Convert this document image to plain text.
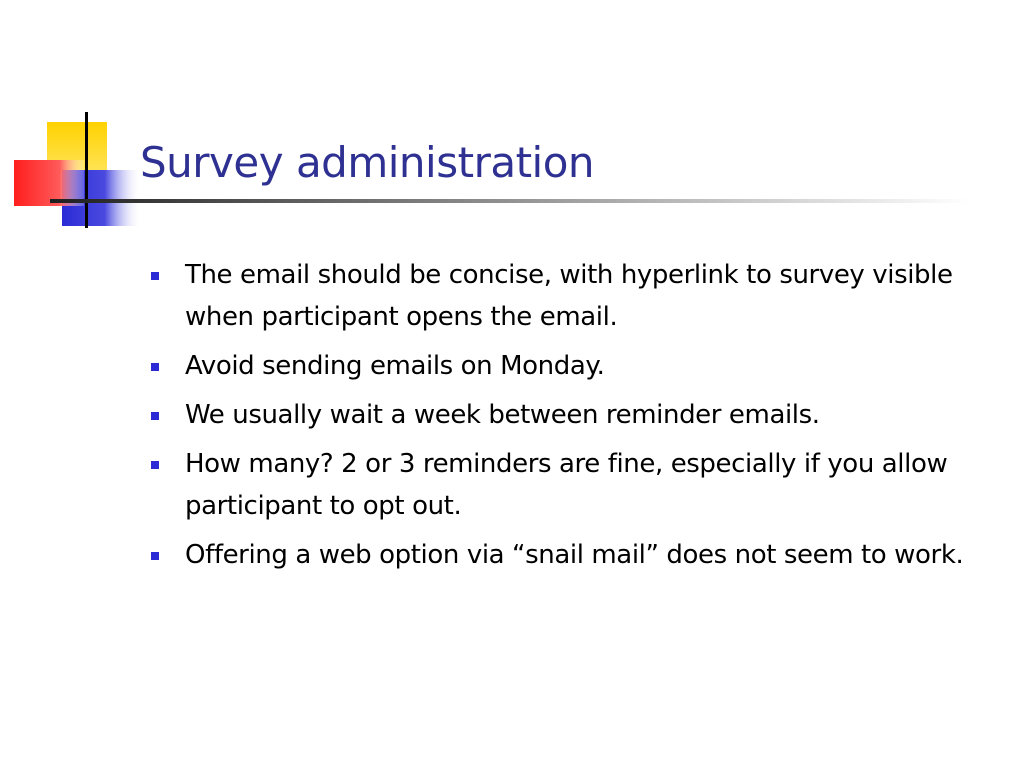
Survey administration
The email should be concise, with hyperlink to survey visible when participant opens the email.
Avoid sending emails on Monday.
We usually wait a week between reminder emails.
How many? 2 or 3 reminders are fine, especially if you allow participant to opt out.
Offering a web option via “snail mail” does not seem to work.
